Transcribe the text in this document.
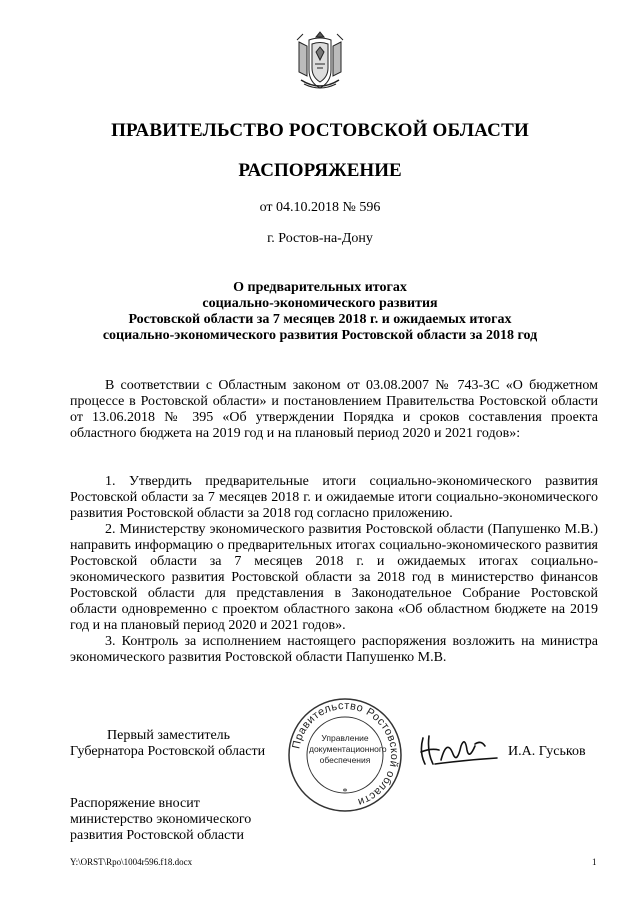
ПРАВИТЕЛЬСТВО РОСТОВСКОЙ ОБЛАСТИ
РАСПОРЯЖЕНИЕ
от 04.10.2018 № 596
г. Ростов-на-Дону
О предварительных итогах
социально-экономического развития
Ростовской области за 7 месяцев 2018 г. и ожидаемых итогах
социально-экономического развития Ростовской области за 2018 год

В соответствии с Областным законом от 03.08.2007 № 743-ЗС «О бюджетном процессе в Ростовской области» и постановлением Правительства Ростовской области от 13.06.2018 № 395 «Об утверждении Порядка и сроков составления проекта областного бюджета на 2019 год и на плановый период 2020 и 2021 годов»:

1. Утвердить предварительные итоги социально-экономического развития Ростовской области за 7 месяцев 2018 г. и ожидаемые итоги социально-экономического развития Ростовской области за 2018 год согласно приложению.

2. Министерству экономического развития Ростовской области (Папушенко М.В.) направить информацию о предварительных итогах социально-экономического развития Ростовской области за 7 месяцев 2018 г. и ожидаемых итогах социально-экономического развития Ростовской области за 2018 год в министерство финансов Ростовской области для представления в Законодательное Собрание Ростовской области одновременно с проектом областного закона «Об областном бюджете на 2019 год и на плановый период 2020 и 2021 годов».

3. Контроль за исполнением настоящего распоряжения возложить на министра экономического развития Ростовской области Папушенко М.В.

Первый заместитель
Губернатора Ростовской области Правительство Ростовской области
*
Управление
документационного
обеспечения
И.А. Гуськов
Распоряжение вносит
министерство экономического
развития Ростовской области
Y:\ORST\Rpo\1004r596.f18.docx	1
